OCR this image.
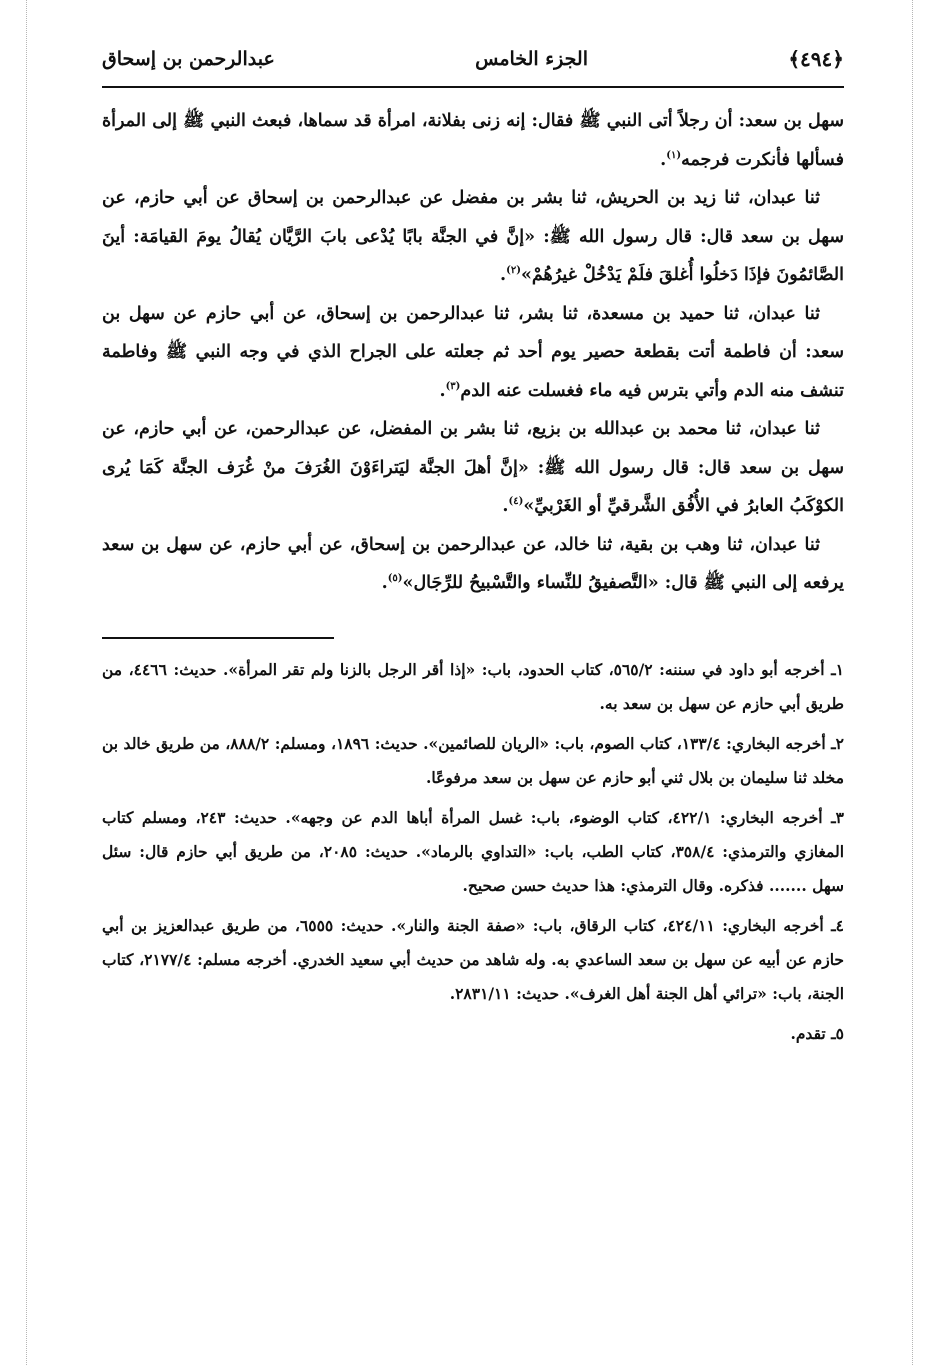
﴿٤٩٤﴾
الجزء الخامس
عبدالرحمن بن إسحاق

سهل بن سعد: أن رجلاً أتى النبي ﷺ فقال: إنه زنى بفلانة، امرأة قد سماها، فبعث النبي ﷺ إلى المرأة فسألها فأنكرت فرجمه$^{(١)}$.

ثنا عبدان، ثنا زيد بن الحريش، ثنا بشر بن مفضل عن عبدالرحمن بن إسحاق عن أبي حازم، عن سهل بن سعد قال: قال رسول الله ﷺ: «إنَّ في الجنَّة بابًا يُدْعى بابَ الرَّيَّان يُقالُ يومَ القيامَة: أينَ الصَّائمُونَ فإذَا دَخلُوا أُغلقَ فلَمْ يَدْخُلْ غيرُهُمْ»$^{(٢)}$.

ثنا عبدان، ثنا حميد بن مسعدة، ثنا بشر، ثنا عبدالرحمن بن إسحاق، عن أبي حازم عن سهل بن سعد: أن فاطمة أتت بقطعة حصير يوم أحد ثم جعلته على الجراح الذي في وجه النبي ﷺ وفاطمة تنشف منه الدم وأتي بترس فيه ماء فغسلت عنه الدم$^{(٣)}$.

ثنا عبدان، ثنا محمد بن عبدالله بن بزيع، ثنا بشر بن المفضل، عن عبدالرحمن، عن أبي حازم، عن سهل بن سعد قال: قال رسول الله ﷺ: «إنَّ أهلَ الجنَّة ليَتراءَوْنَ الغُرَفَ منْ غُرَف الجنَّة كَمَا يُرى الكوْكَبُ العابرُ في الأُفُق الشَّرقيِّ أو الغَرْبيِّ»$^{(٤)}$.

ثنا عبدان، ثنا وهب بن بقية، ثنا خالد، عن عبدالرحمن بن إسحاق، عن أبي حازم، عن سهل بن سعد يرفعه إلى النبي ﷺ قال: «التَّصفيقُ للنِّساء والتَّسْبيحُ للرِّجَال»$^{(٥)}$.

١ـ أخرجه أبو داود في سننه: ٥٦٥/٢، كتاب الحدود، باب: «إذا أقر الرجل بالزنا ولم تقر المرأة». حديث: ٤٤٦٦، من طريق أبي حازم عن سهل بن سعد به.

٢ـ أخرجه البخاري: ١٣٣/٤، كتاب الصوم، باب: «الريان للصائمين». حديث: ١٨٩٦، ومسلم: ٨٨٨/٢، من طريق خالد بن مخلد ثنا سليمان بن بلال ثني أبو حازم عن سهل بن سعد مرفوعًا.

٣ـ أخرجه البخاري: ٤٢٢/١، كتاب الوضوء، باب: غسل المرأة أباها الدم عن وجهه». حديث: ٢٤٣، ومسلم كتاب المغازي والترمذي: ٣٥٨/٤، كتاب الطب، باب: «التداوي بالرماد». حديث: ٢٠٨٥، من طريق أبي حازم قال: سئل سهل ....... فذكره. وقال الترمذي: هذا حديث حسن صحيح.

٤ـ أخرجه البخاري: ٤٢٤/١١، كتاب الرقاق، باب: «صفة الجنة والنار». حديث: ٦٥٥٥، من طريق عبدالعزيز بن أبي حازم عن أبيه عن سهل بن سعد الساعدي به. وله شاهد من حديث أبي سعيد الخدري. أخرجه مسلم: ٢١٧٧/٤، كتاب الجنة، باب: «ترائي أهل الجنة أهل الغرف». حديث: ٢٨٣١/١١.

٥ـ تقدم.
